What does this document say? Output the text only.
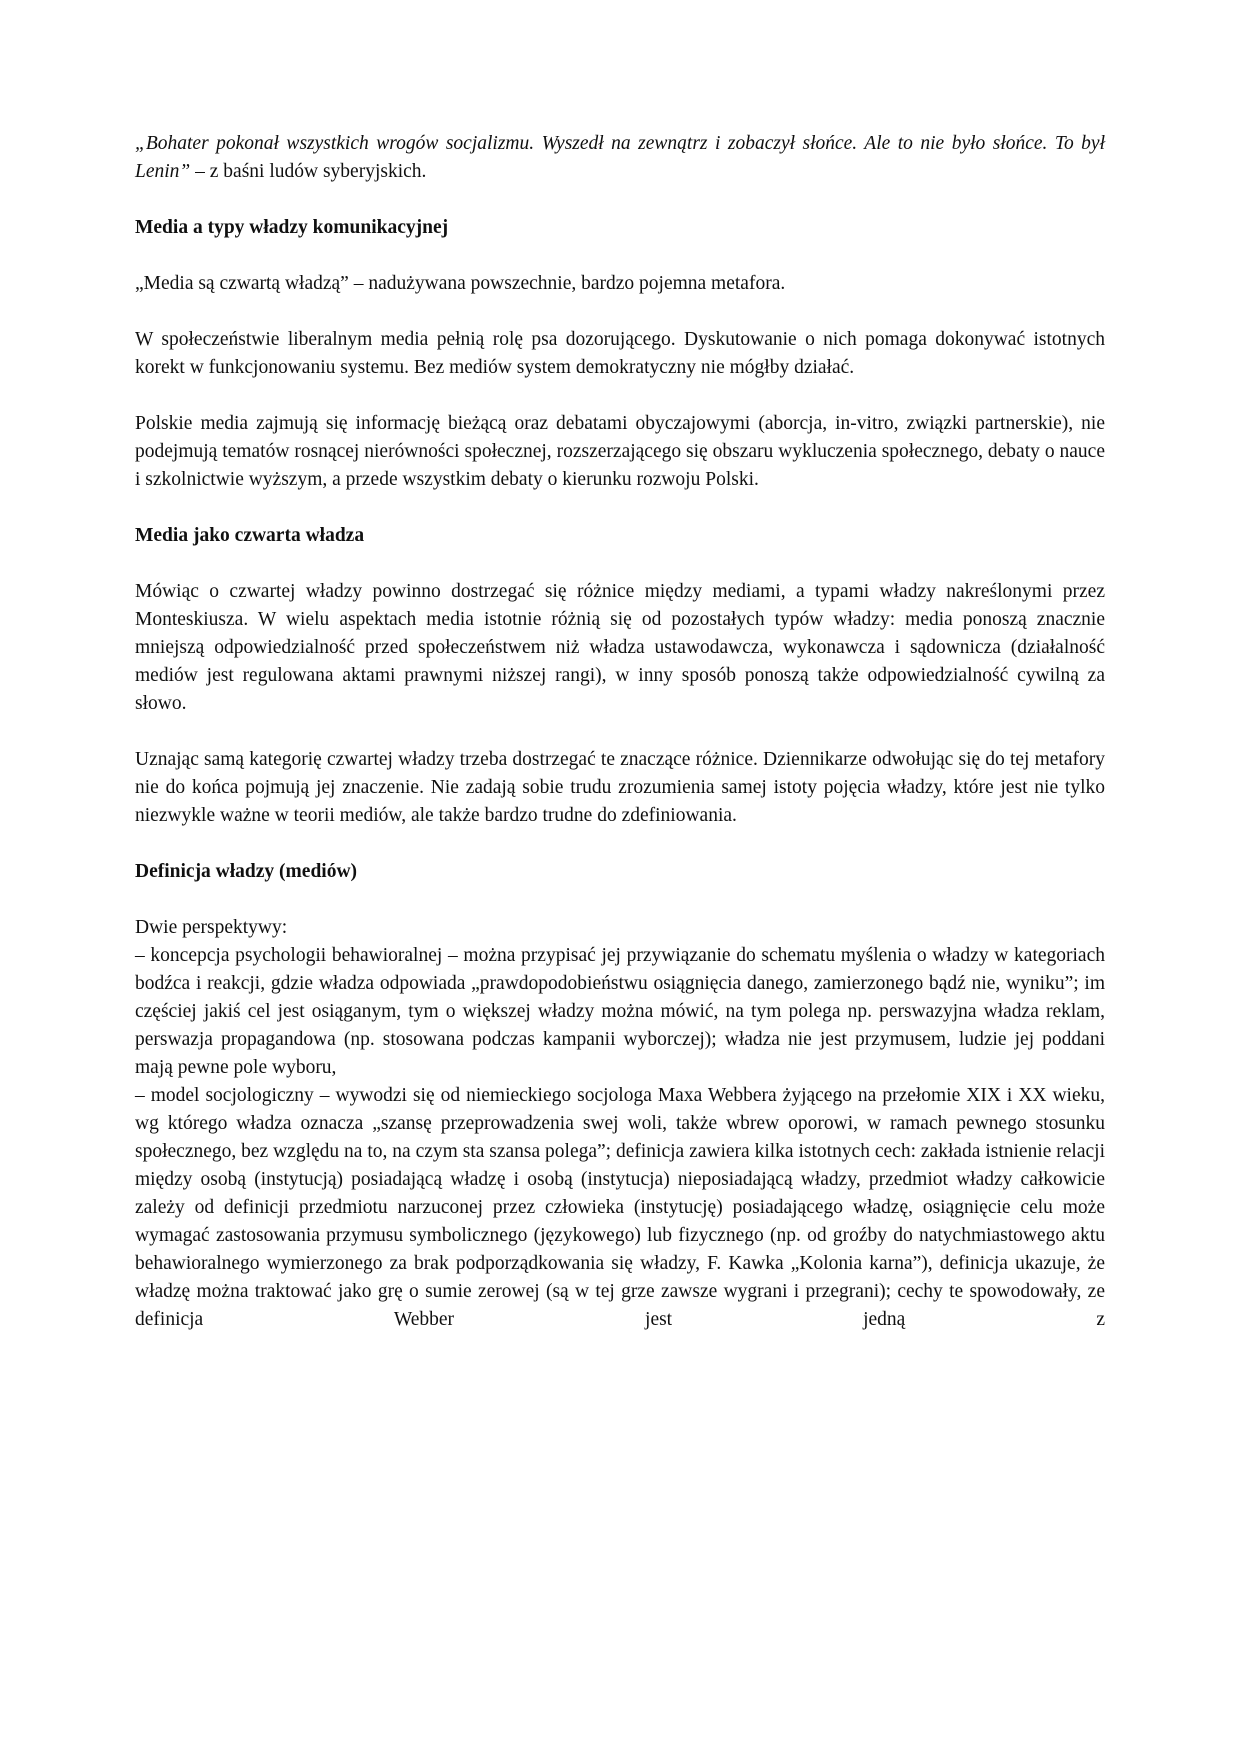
„Bohater pokonał wszystkich wrogów socjalizmu. Wyszedł na zewnątrz i zobaczył słońce. Ale to nie było słońce. To był Lenin” – z baśni ludów syberyjskich.

Media a typy władzy komunikacyjnej

„Media są czwartą władzą” – nadużywana powszechnie, bardzo pojemna metafora.

W społeczeństwie liberalnym media pełnią rolę psa dozorującego. Dyskutowanie o nich pomaga dokonywać istotnych korekt w funkcjonowaniu systemu. Bez mediów system demokratyczny nie mógłby działać.

Polskie media zajmują się informację bieżącą oraz debatami obyczajowymi (aborcja, in-vitro, związki partnerskie), nie podejmują tematów rosnącej nierówności społecznej, rozszerzającego się obszaru wykluczenia społecznego, debaty o nauce i szkolnictwie wyższym, a przede wszystkim debaty o kierunku rozwoju Polski.

Media jako czwarta władza

Mówiąc o czwartej władzy powinno dostrzegać się różnice między mediami, a typami władzy nakreślonymi przez Monteskiusza. W wielu aspektach media istotnie różnią się od pozostałych typów władzy: media ponoszą znacznie mniejszą odpowiedzialność przed społeczeństwem niż władza ustawodawcza, wykonawcza i sądownicza (działalność mediów jest regulowana aktami prawnymi niższej rangi), w inny sposób ponoszą także odpowiedzialność cywilną za słowo.

Uznając samą kategorię czwartej władzy trzeba dostrzegać te znaczące różnice. Dziennikarze odwołując się do tej metafory nie do końca pojmują jej znaczenie. Nie zadają sobie trudu zrozumienia samej istoty pojęcia władzy, które jest nie tylko niezwykle ważne w teorii mediów, ale także bardzo trudne do zdefiniowania.

Definicja władzy (mediów)

Dwie perspektywy:

– koncepcja psychologii behawioralnej – można przypisać jej przywiązanie do schematu myślenia o władzy w kategoriach bodźca i reakcji, gdzie władza odpowiada „prawdopodobieństwu osiągnięcia danego, zamierzonego bądź nie, wyniku”; im częściej jakiś cel jest osiąganym, tym o większej władzy można mówić, na tym polega np. perswazyjna władza reklam, perswazja propagandowa (np. stosowana podczas kampanii wyborczej); władza nie jest przymusem, ludzie jej poddani mają pewne pole wyboru,

– model socjologiczny – wywodzi się od niemieckiego socjologa Maxa Webbera żyjącego na przełomie XIX i XX wieku, wg którego władza oznacza „szansę przeprowadzenia swej woli, także wbrew oporowi, w ramach pewnego stosunku społecznego, bez względu na to, na czym sta szansa polega”; definicja zawiera kilka istotnych cech: zakłada istnienie relacji między osobą (instytucją) posiadającą władzę i osobą (instytucja) nieposiadającą władzy, przedmiot władzy całkowicie zależy od definicji przedmiotu narzuconej przez człowieka (instytucję) posiadającego władzę, osiągnięcie celu może wymagać zastosowania przymusu symbolicznego (językowego) lub fizycznego (np. od groźby do natychmiastowego aktu behawioralnego wymierzonego za brak podporządkowania się władzy, F. Kawka „Kolonia karna”), definicja ukazuje, że władzę można traktować jako grę o sumie zerowej (są w tej grze zawsze wygrani i przegrani); cechy te spowodowały, ze definicja Webber jest jedną z
